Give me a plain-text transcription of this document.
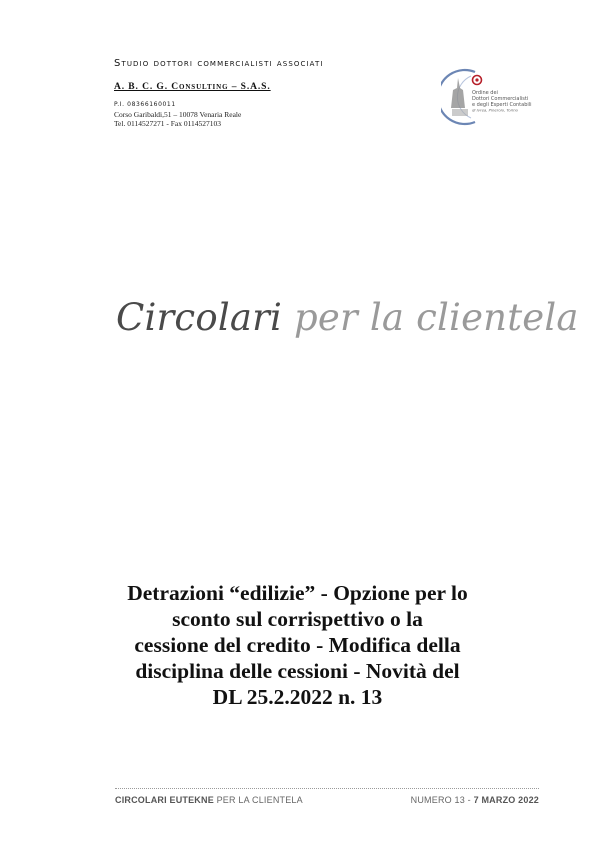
Studio dottori commercialisti associati
A. B. C. G. Consulting – S.A.S.
P.I. 08366160011
Corso Garibaldi,51 – 10078 Venaria Reale
Tel. 0114527271 - Fax 0114527103
Ordine dei
Dottori Commercialisti
e degli Esperti Contabili
di Ivrea, Pinerolo, Torino
Circolari per la clientela
Detrazioni “edilizie” - Opzione per lo
sconto sul corrispettivo o la
cessione del credito - Modifica della
disciplina delle cessioni - Novità del
DL 25.2.2022 n. 13
CIRCOLARI EUTEKNE PER LA CLIENTELA	NUMERO 13 - 7 MARZO 2022
